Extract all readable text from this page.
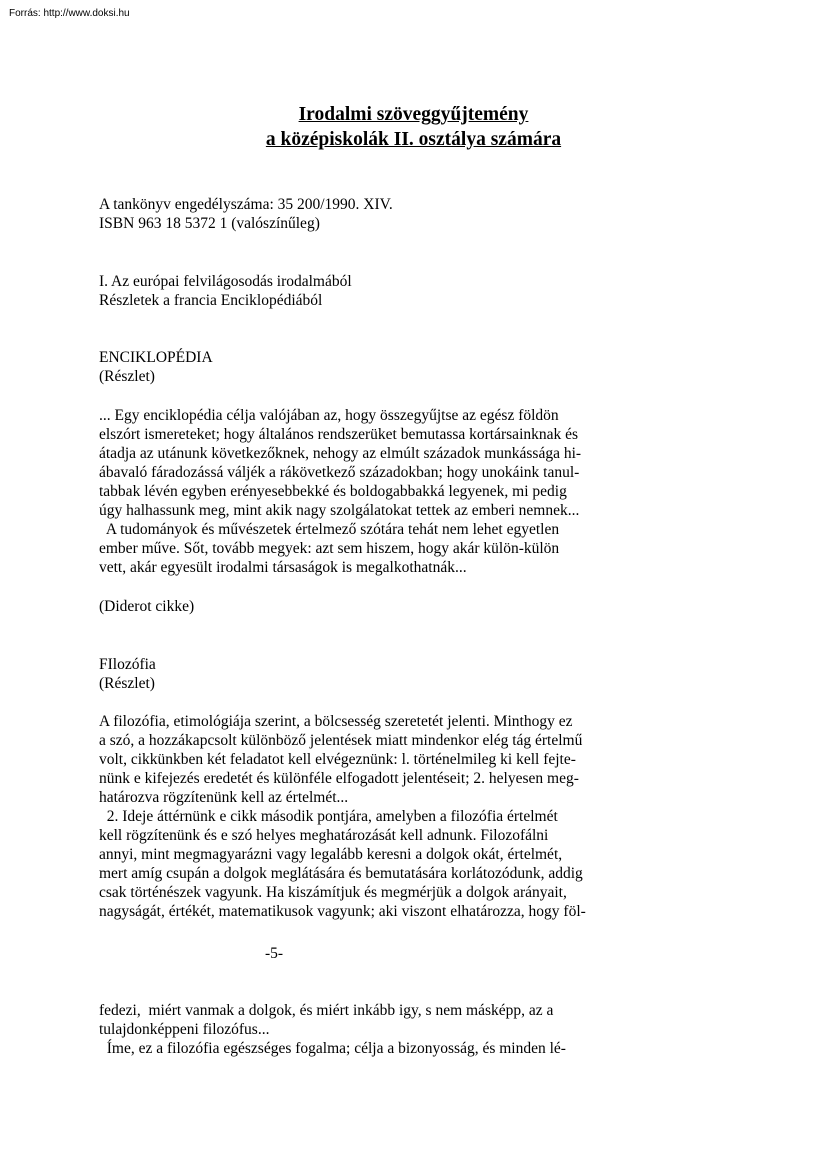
Forrás: http://www.doksi.hu
Irodalmi szöveggyűjtemény
a középiskolák II. osztálya számára

A tankönyv engedélyszáma: 35 200/1990. XIV.

ISBN 963 18 5372 1 (valószínűleg)

I. Az európai felvilágosodás irodalmából

Részletek a francia Enciklopédiából

ENCIKLOPÉDIA

(Részlet)

... Egy enciklopédia célja valójában az, hogy összegyűjtse az egész földön

elszórt ismereteket; hogy általános rendszerüket bemutassa kortársainknak és

átadja az utánunk következőknek, nehogy az elmúlt századok munkássága hi-

ábavaló fáradozássá váljék a rákövetkező századokban; hogy unokáink tanul-

tabbak lévén egyben erényesebbekké és boldogabbakká legyenek, mi pedig

úgy halhassunk meg, mint akik nagy szolgálatokat tettek az emberi nemnek...

A tudományok és művészetek értelmező szótára tehát nem lehet egyetlen

ember műve. Sőt, tovább megyek: azt sem hiszem, hogy akár külön-külön

vett, akár egyesült irodalmi társaságok is megalkothatnák...

(Diderot cikke)

FIlozófia

(Részlet)

A filozófia, etimológiája szerint, a bölcsesség szeretetét jelenti. Minthogy ez

a szó, a hozzákapcsolt különböző jelentések miatt mindenkor elég tág értelmű

volt, cikkünkben két feladatot kell elvégeznünk: l. történelmileg ki kell fejte-

nünk e kifejezés eredetét és különféle elfogadott jelentéseit; 2. helyesen meg-

határozva rögzítenünk kell az értelmét...

2. Ideje áttérnünk e cikk második pontjára, amelyben a filozófia értelmét

kell rögzítenünk és e szó helyes meghatározását kell adnunk. Filozofálni

annyi, mint megmagyarázni vagy legalább keresni a dolgok okát, értelmét,

mert amíg csupán a dolgok meglátására és bemutatására korlátozódunk, addig

csak történészek vagyunk. Ha kiszámítjuk és megmérjük a dolgok arányait,

nagyságát, értékét, matematikusok vagyunk; aki viszont elhatározza, hogy föl-

-5-

fedezi,  miért vanmak a dolgok, és miért inkább igy, s nem másképp, az a

tulajdonképpeni filozófus...

Íme, ez a filozófia egészséges fogalma; célja a bizonyosság, és minden lé-
